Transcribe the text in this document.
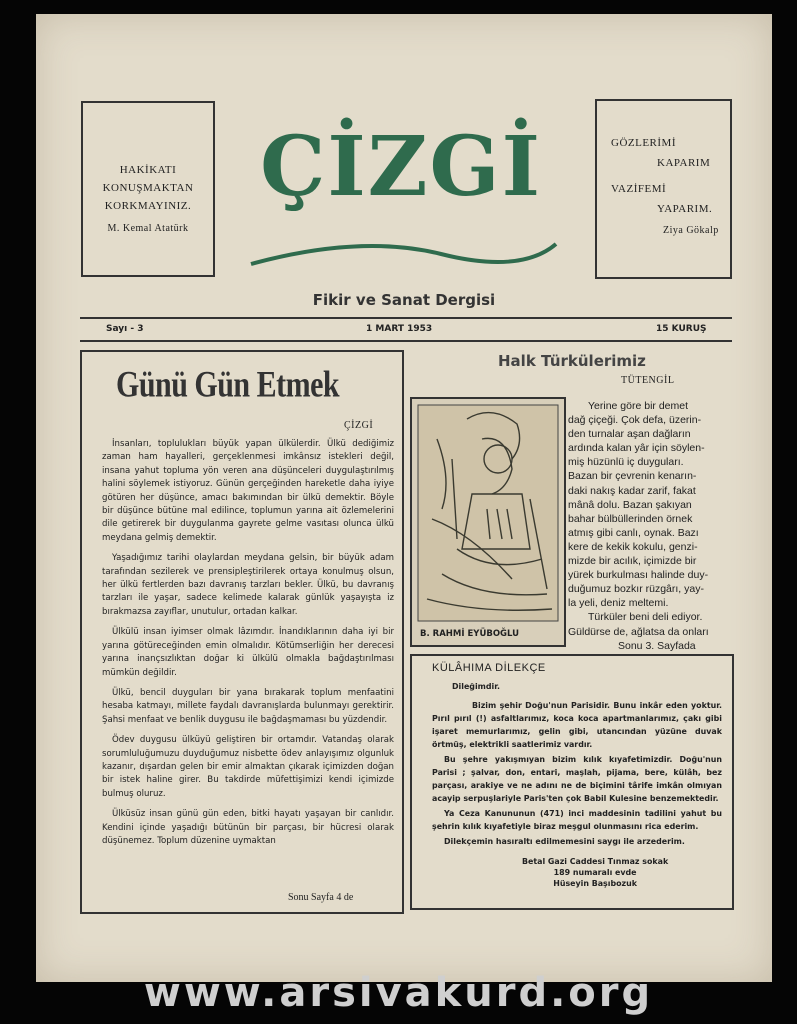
HAKİKATI
KONUŞMAKTAN
KORKMAYINIZ.
M. Kemal Atatürk
ÇİZGİ	GÖZLERİMİ
KAPARIM
VAZİFEMİ
YAPARIM.
Ziya Gökalp
Fikir ve Sanat Dergisi
Sayı - 3	1 MART 1953	15 KURUŞ
Günü Gün Etmek
ÇİZGİ

İnsanları, toplulukları büyük yapan ülkülerdir. Ülkü dediğimiz zaman ham hayalleri, gerçeklenmesi imkânsız istekleri değil, insana yahut topluma yön veren ana düşünceleri duygulaştırılmış halini söylemek istiyoruz. Günün gerçeğinden hareketle daha iyiye götüren her düşünce, amacı bakımından bir ülkü demektir. Böyle bir düşünce bütüne mal edilince, toplumun yarına ait özlemelerini dile getirerek bir duygulanma gayrete gelme vasıtası olunca ülkü meydana gelmiş demektir.

Yaşadığımız tarihi olaylardan meydana gelsin, bir büyük adam tarafından sezilerek ve prensipleştirilerek ortaya konulmuş olsun, her ülkü fertlerden bazı davranış tarzları bekler. Ülkü, bu davranış tarzları ile yaşar, sadece kelimede kalarak günlük yaşayışta iz bırakmazsa zayıflar, unutulur, ortadan kalkar.

Ülkülü insan iyimser olmak lâzımdır. İnandıklarının daha iyi bir yarına götüreceğinden emin olmalıdır. Kötümserliğin her derecesi yarına inançsızlıktan doğar ki ülkülü olmakla bağdaştırılması mümkün değildir.

Ülkü, bencil duyguları bir yana bırakarak toplum menfaatini hesaba katmayı, millete faydalı davranışlarda bulunmayı gerektirir. Şahsi menfaat ve benlik duygusu ile bağdaşmaması bu yüzdendir.

Ödev duygusu ülküyü geliştiren bir ortamdır. Vatandaş olarak sorumluluğumuzu duyduğumuz nisbette ödev anlayışımız olgunluk kazanır, dışardan gelen bir emir almaktan çıkarak içimizden doğan bir istek haline girer. Bu takdirde müfettişimizi kendi içimizde bulmuş oluruz.

Ülküsüz insan günü gün eden, bitki hayatı yaşayan bir canlıdır. Kendini içinde yaşadığı bütünün bir parçası, bir hücresi olarak düşünemez. Toplum düzenine uymaktan

Sonu Sayfa 4 de
Halk Türkülerimiz
TÜTENGİL
B. RAHMİ EYÜBOĞLU
Yerine göre bir demet
dağ çiçeği. Çok defa, üzerin-
den turnalar aşan dağların
ardında kalan yâr için söylen-
miş hüzünlü iç duyguları.
Bazan bir çevrenin kenarın-
daki nakış kadar zarif, fakat
mânâ dolu. Bazan şakıyan
bahar bülbüllerinden örnek
atmış gibi canlı, oynak. Bazı
kere de kekik kokulu, genzi-
mizde bir acılık, içimizde bir
yürek burkulması halinde duy-
duğumuz bozkır rüzgârı, yay-
la yeli, deniz meltemi.
Türküler beni deli ediyor.
Güldürse de, ağlatsa da onları
Sonu 3. Sayfada
KÜLÂHIMA DİLEKÇE
Dileğimdir.

Bizim şehir Doğu'nun Parisidir. Bunu inkâr eden yoktur. Pırıl pırıl (!) asfaltlarımız, koca koca apartmanlarımız, çakı gibi işaret memurlarımız, gelin gibi, utancından yüzüne duvak örtmüş, elektrikli saatlerimiz vardır.

Bu şehre yakışmıyan bizim kılık kıyafetimizdir. Doğu'nun Parisi ; şalvar, don, entari, maşlah, pijama, bere, külâh, bez parçası, arakiye ve ne adını ne de biçimini târife imkân olmıyan acayip serpuşlariyle Paris'ten çok Babil Kulesine benzemektedir.

Ya Ceza Kanununun (471) inci maddesinin tadilini yahut bu şehrin kılık kıyafetiyle biraz meşgul olunmasını rica ederim.

Dilekçemin hasıraltı edilmemesini saygı ile arzederim.

Betal Gazi Caddesi Tınmaz sokak
189 numaralı evde
Hüseyin Başıbozuk
www.arsivakurd.org
